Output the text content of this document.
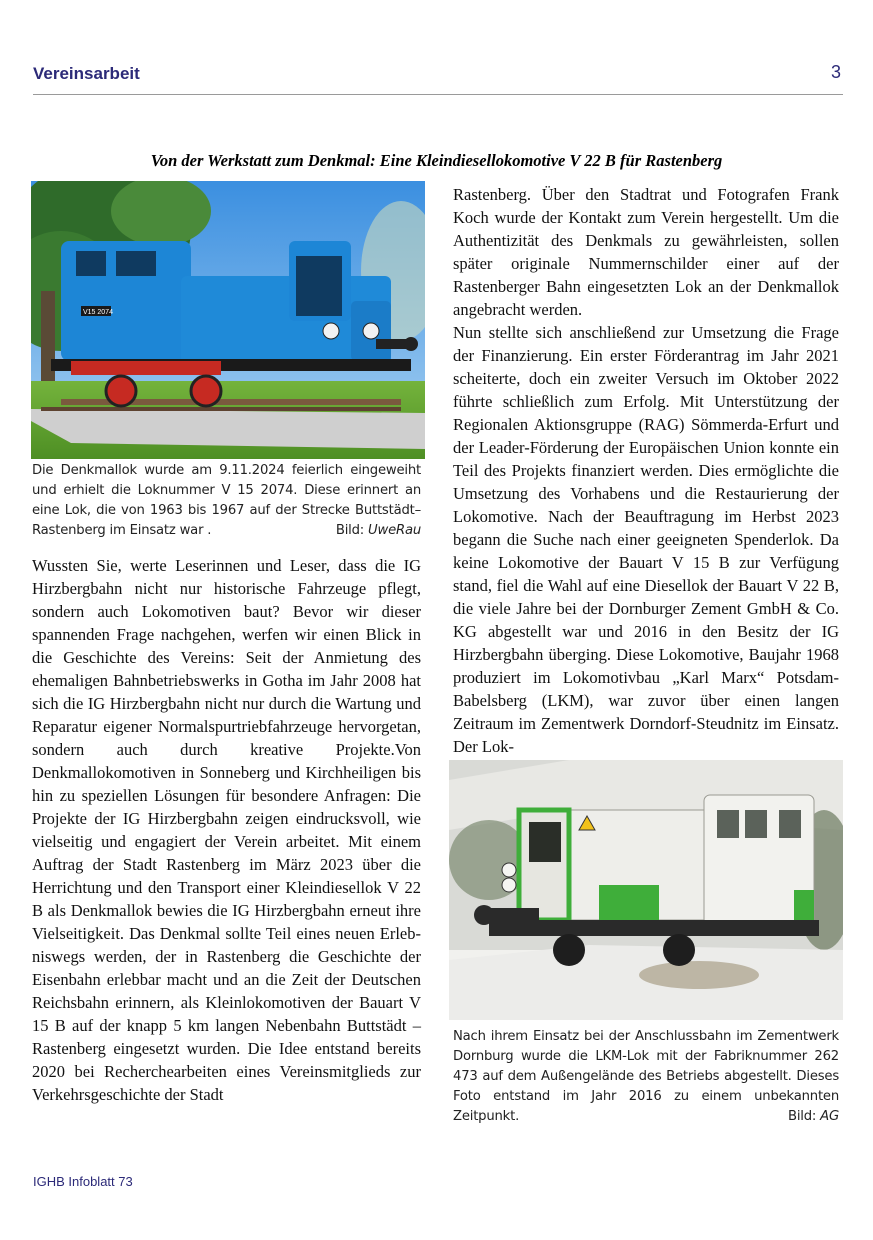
Vereinsarbeit	3
Von der Werkstatt zum Denkmal: Eine Kleindiesellokomotive V 22 B für Rastenberg
V15 2074
Die Denkmallok wurde am 9.11.2024 feierlich eingeweiht und erhielt die Loknummer V 15 2074. Diese erinnert an eine Lok, die von 1963 bis 1967 auf der Strecke Buttstädt–Rastenberg im Einsatz war .	Bild: UweRau

Wussten Sie, werte Leserinnen und Leser, dass die IG Hirzbergbahn nicht nur historische Fahrzeuge pflegt, sondern auch Lokomotiven baut? Bevor wir dieser spannenden Frage nachgehen, werfen wir einen Blick in die Geschichte des Vereins: Seit der Anmietung des ehemaligen Bahnbetriebswerks in Gotha im Jahr 2008 hat sich die IG Hirzbergbahn nicht nur durch die Wartung und Reparatur eigener Normalspurtriebfahrzeuge hervorgetan, sondern auch durch kreative Projekte.Von Denkmallokomotiven in Sonneberg und Kirchheiligen bis hin zu speziellen Lösungen für besondere Anfragen: Die Projekte der IG Hirzbergbahn zeigen eindrucksvoll, wie vielseitig und engagiert der Verein arbeitet. Mit einem Auftrag der Stadt Rastenberg im März 2023 über die Herrichtung und den Transport einer Kleindiesellok V 22 B als Denkmallok bewies die IG Hirzbergbahn erneut ihre Vielseitigkeit. Das Denkmal sollte Teil eines neuen Erlebniswegs werden, der in Rastenberg die Geschichte der Eisenbahn erlebbar macht und an die Zeit der Deutschen Reichsbahn erinnern, als Kleinlokomotiven der Bauart V 15 B auf der knapp 5 km langen Nebenbahn Buttstädt – Rastenberg eingesetzt wurden. Die Idee entstand bereits 2020 bei Recherchearbeiten eines Vereinsmitglieds zur Verkehrsgeschichte der Stadt

Rastenberg. Über den Stadtrat und Fotografen Frank Koch wurde der Kontakt zum Verein hergestellt. Um die Authentizität des Denkmals zu gewährleisten, sollen später originale Nummernschilder einer auf der Rastenberger Bahn eingesetzten Lok an der Denkmallok angebracht werden.

Nun stellte sich anschließend zur Umsetzung die Frage der Finanzierung. Ein erster Förderantrag im Jahr 2021 scheiterte, doch ein zweiter Versuch im Oktober 2022 führte schließlich zum Erfolg. Mit Unterstützung der Regionalen Aktionsgruppe (RAG) Sömmerda-Erfurt und der Leader-Förderung der Europäischen Union konnte ein Teil des Projekts finanziert werden. Dies ermöglichte die Umsetzung des Vorhabens und die Restaurierung der Lokomotive. Nach der Beauftragung im Herbst 2023 begann die Suche nach einer geeigneten Spenderlok. Da keine Lokomotive der Bauart V 15 B zur Verfügung stand, fiel die Wahl auf eine Diesellok der Bauart V 22 B, die viele Jahre bei der Dornburger Zement GmbH & Co. KG abgestellt war und 2016 in den Besitz der IG Hirzbergbahn überging. Diese Lokomotive, Baujahr 1968 produziert im Lokomotivbau „Karl Marx“ Potsdam-Babelsberg (LKM), war zuvor über einen langen Zeitraum im Zementwerk Dorndorf-Steudnitz im Einsatz. Der Lok-

Nach ihrem Einsatz bei der Anschlussbahn im Zementwerk Dornburg wurde die LKM-Lok mit der Fabriknummer 262 473 auf dem Außengelände des Betriebs abgestellt. Dieses Foto entstand im Jahr 2016 zu einem unbekannten Zeitpunkt.	Bild: AG
IGHB Infoblatt 73
